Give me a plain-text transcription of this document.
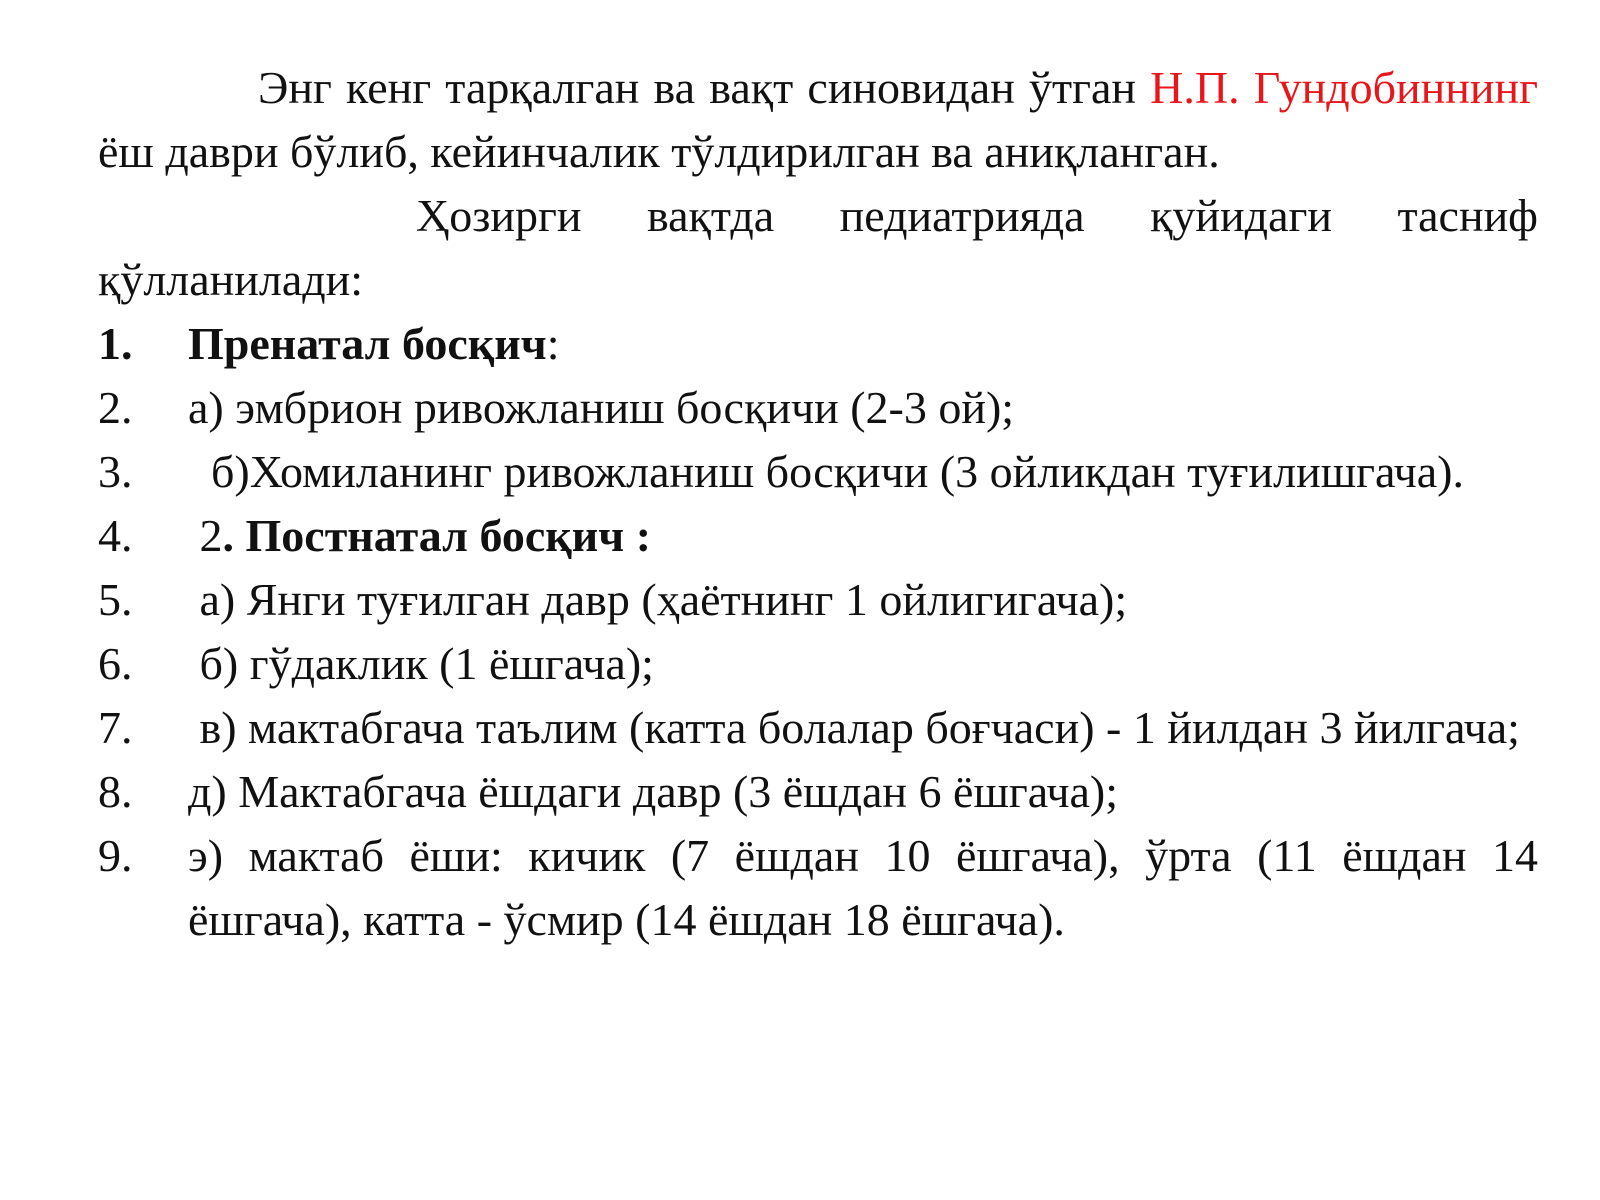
Энг кенг тарқалган ва вақт синовидан ўтган Н.П. Гундобиннинг ёш даври бўлиб, кейинчалик тўлдирилган ва аниқланган.

Ҳозирги вақтда педиатрияда қуйидаги тасниф қўлланилади:

1.	Пренатал босқич:
2.	а) эмбрион ривожланиш босқичи (2-3 ой);
3.	б)Хомиланинг ривожланиш босқичи (3 ойликдан туғилишгача).
4.	2. Постнатал босқич :
5.	а) Янги туғилган давр (ҳаётнинг 1 ойлигигача);
6.	б) гўдаклик (1 ёшгача);
7.	в) мактабгача таълим (катта болалар боғчаси) - 1 йилдан 3 йилгача;
8.	д) Мактабгача ёшдаги давр (3 ёшдан 6 ёшгача);
9.	э) мактаб ёши: кичик (7 ёшдан 10 ёшгача), ўрта (11 ёшдан 14 ёшгача), катта - ўсмир (14 ёшдан 18 ёшгача).
